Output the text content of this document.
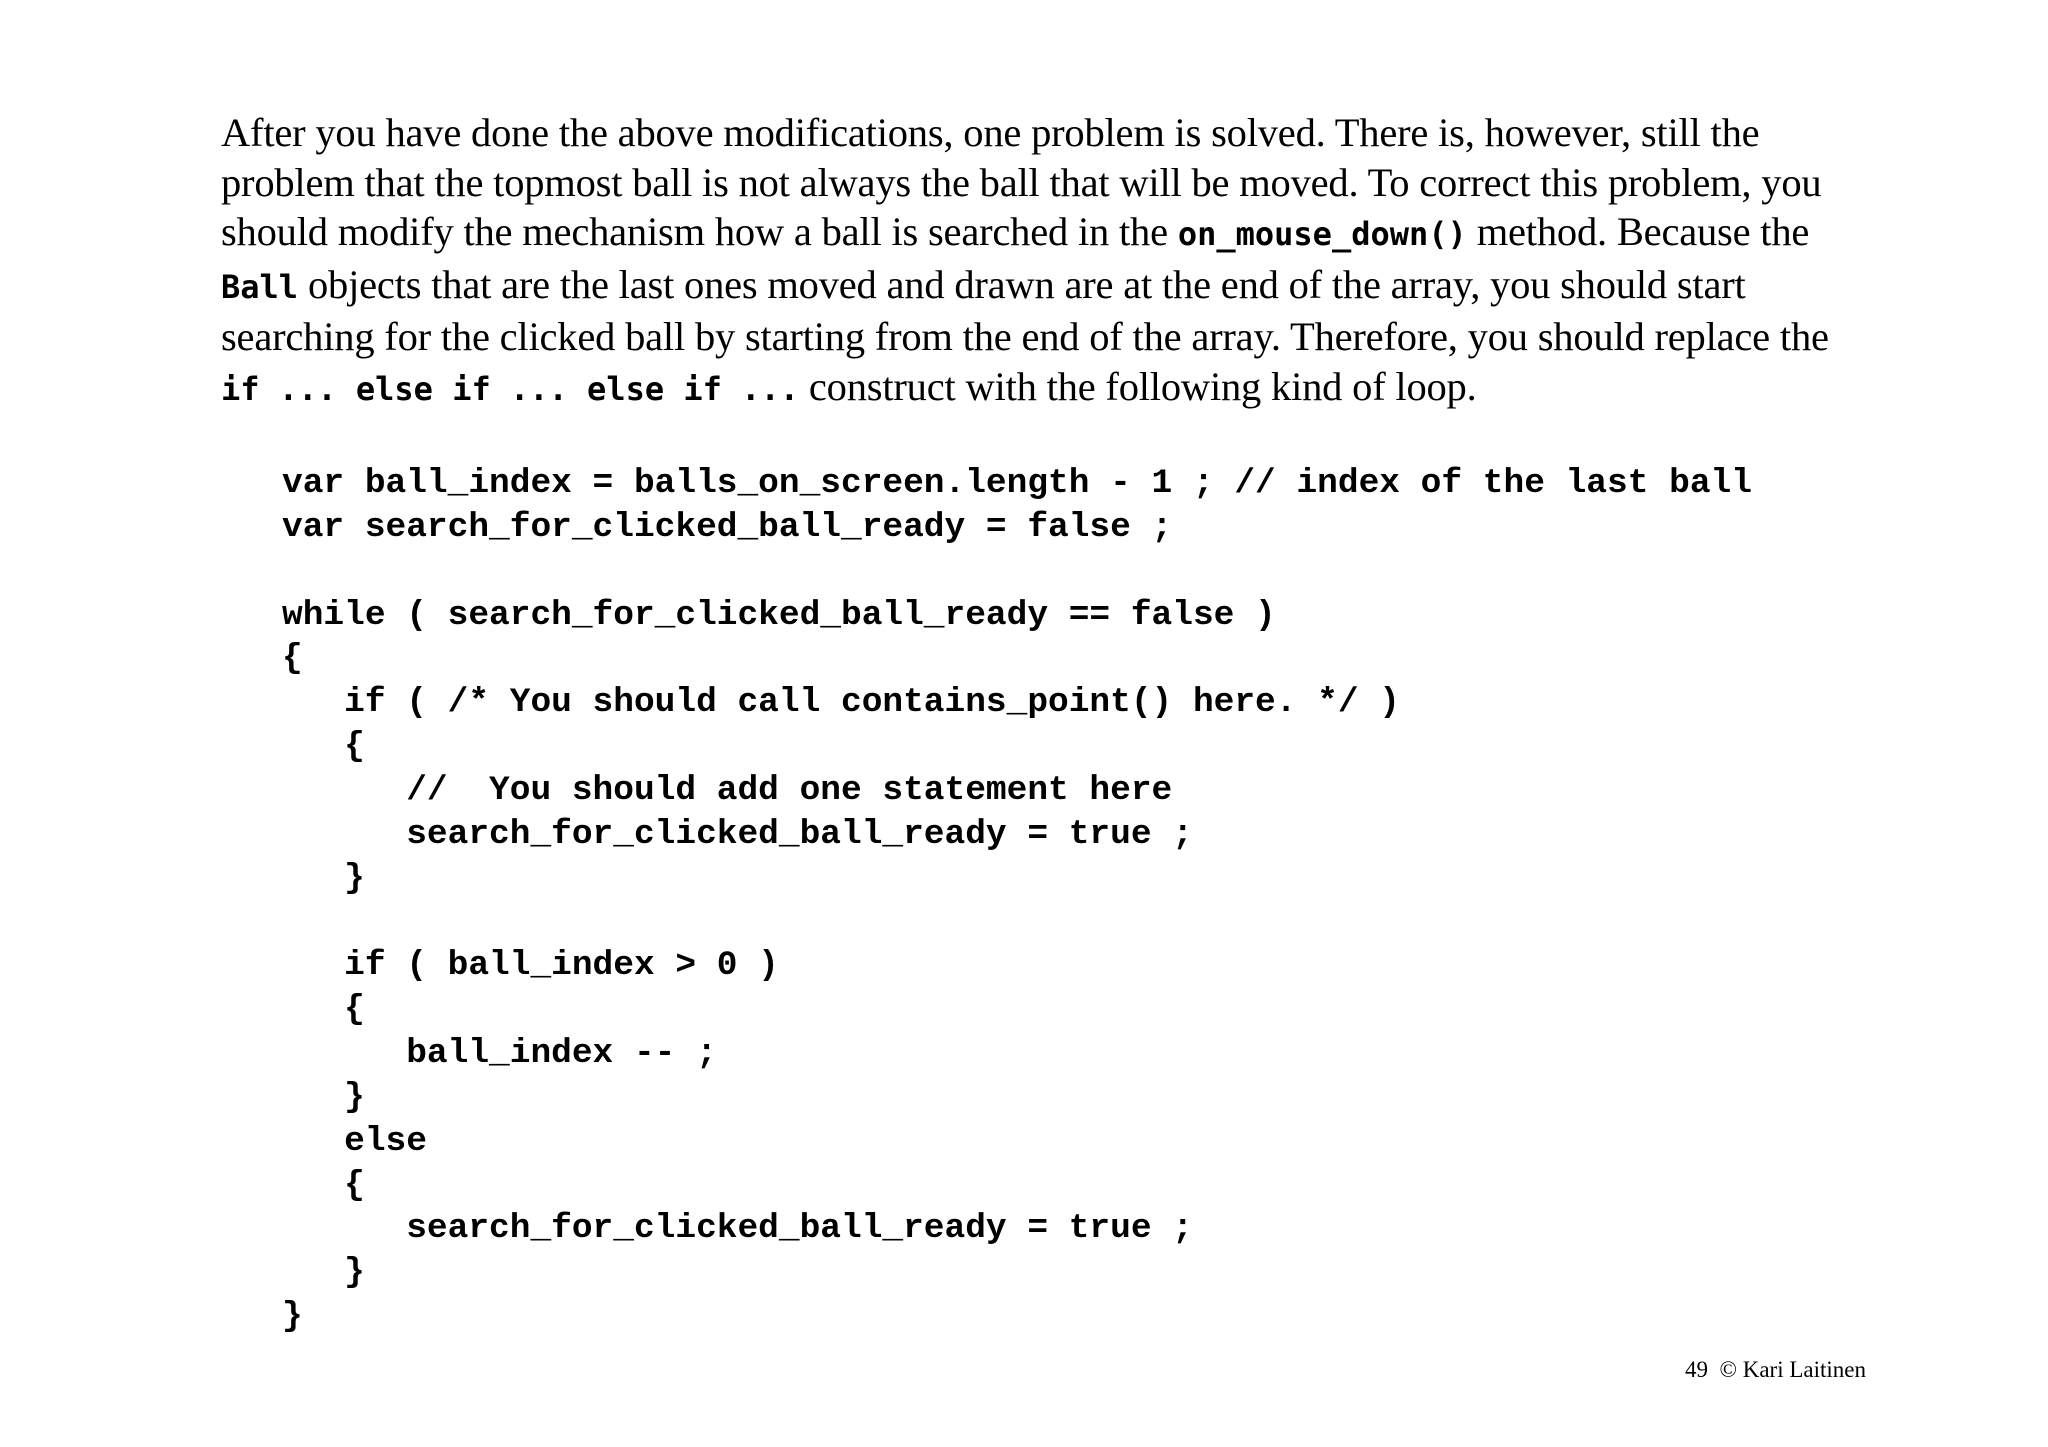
After you have done the above modifications, one problem is solved. There is, however, still the problem that the topmost ball is not always the ball that will be moved. To correct this problem, you should modify the mechanism how a ball is searched in the on_mouse_down() method. Because the Ball objects that are the last ones moved and drawn are at the end of the array, you should start searching for the clicked ball by starting from the end of the array. Therefore, you should replace the if ... else if ... else if ... construct with the following kind of loop.

var ball_index = balls_on_screen.length - 1 ; // index of the last ball
var search_for_clicked_ball_ready = false ;
while ( search_for_clicked_ball_ready == false )
{
if ( /* You should call contains_point() here. */ )
{
//  You should add one statement here
search_for_clicked_ball_ready = true ;
}
if ( ball_index > 0 )
{
ball_index -- ;
}
else
{
search_for_clicked_ball_ready = true ;
}
}
49 © Kari Laitinen
